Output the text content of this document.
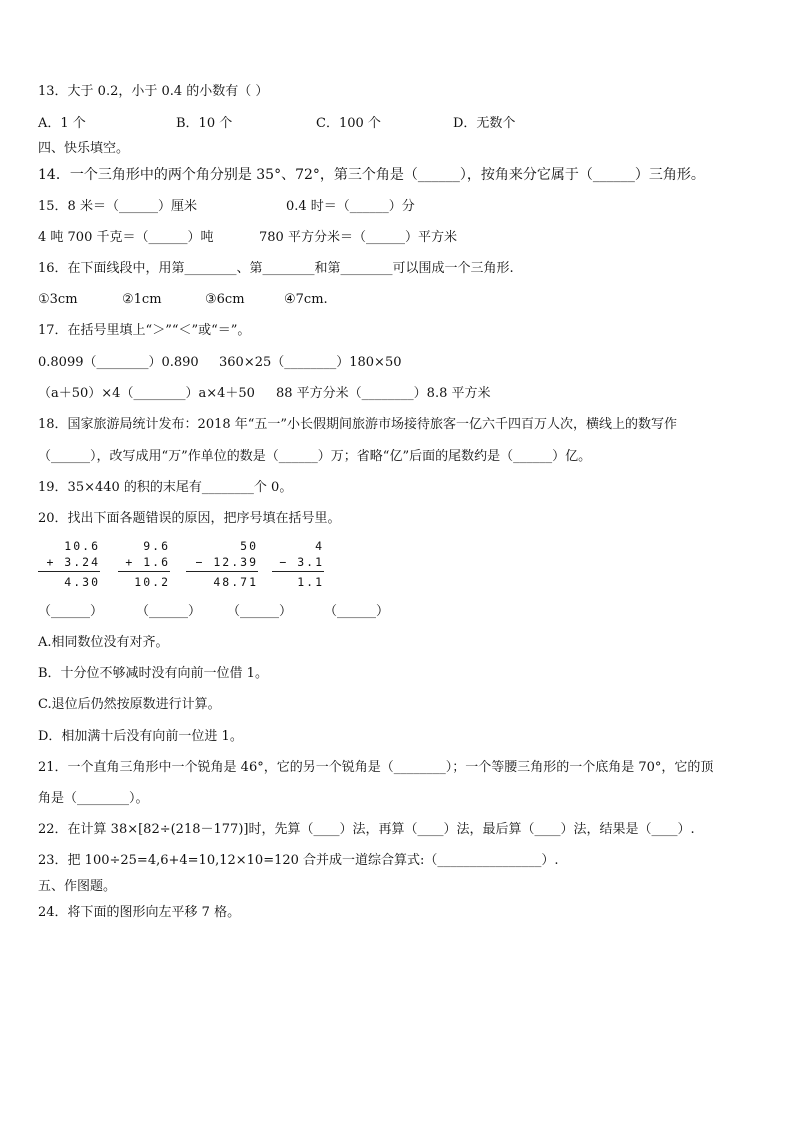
13．大于 0.2，小于 0.4 的小数有（ ）
A．1 个	B．10 个	C．100 个	D．无数个
四、快乐填空。
14．一个三角形中的两个角分别是 35°、72°，第三个角是（______），按角来分它属于（______）三角形。
15．8 米＝（______）厘米	0.4 时＝（______）分
4 吨 700 千克＝（______）吨	780 平方分米＝（______）平方米
16．在下面线段中，用第________、第________和第________可以围成一个三角形.
①3cm	②1cm	③6cm	④7cm.
17．在括号里填上“＞”“＜”或“＝”。
0.8099（________）0.890 360×25（________）180×50
（a＋50）×4（________）a×4＋50 88 平方分米（________）8.8 平方米
18．国家旅游局统计发布：2018 年“五一”小长假期间旅游市场接待旅客一亿六千四百万人次，横线上的数写作
（______），改写成用“万”作单位的数是（______）万；省略“亿”后面的尾数约是（______）亿。
19．35×440 的积的末尾有________个 0。
20．找出下面各题错误的原因，把序号填在括号里。
10.6
+ 3.24
4.30
9.6
+ 1.6
10.2
50
− 12.39
48.71
4
− 3.1
1.1
（______）	（______） （______） （______）
A.相同数位没有对齐。
B．十分位不够减时没有向前一位借 1。
C.退位后仍然按原数进行计算。
D．相加满十后没有向前一位进 1。
21．一个直角三角形中一个锐角是 46°，它的另一个锐角是（________）；一个等腰三角形的一个底角是 70°，它的顶
角是（________）。
22．在计算 38×[82÷(218－177)]时，先算（____）法，再算（____）法，最后算（____）法，结果是（____）.
23．把 100÷25=4,6+4=10,12×10=120 合并成一道综合算式:（________________）.
五、作图题。
24．将下面的图形向左平移 7 格。
